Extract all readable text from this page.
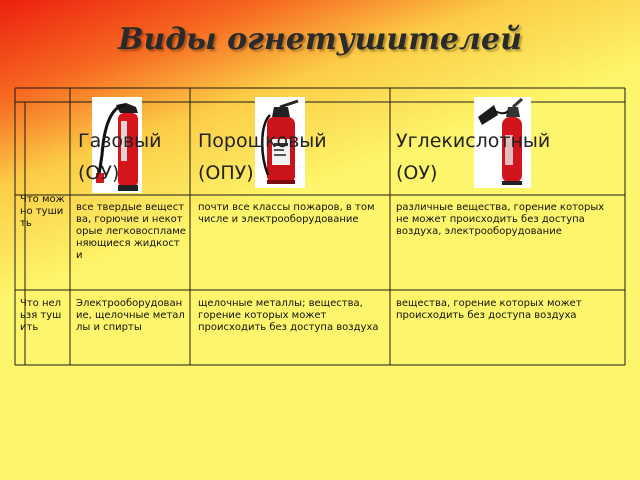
Виды огнетушителей
Газовый
(ОУ)
Порошковый
(ОПУ)
Углекислотный
(ОУ)
Что можно тушить
все твердые вещества, горючие и некоторые легковоспламеняющиеся жидкости
почти все классы пожаров, в том числе и электрооборудование
различные вещества, горение которых не может происходить без доступа воздуха, электрооборудование
Что нельзя тушить
Электрооборудование, щелочные металлы и спирты
щелочные металлы; вещества, горение которых может происходить без доступа воздуха
вещества, горение которых может происходить без доступа воздуха
